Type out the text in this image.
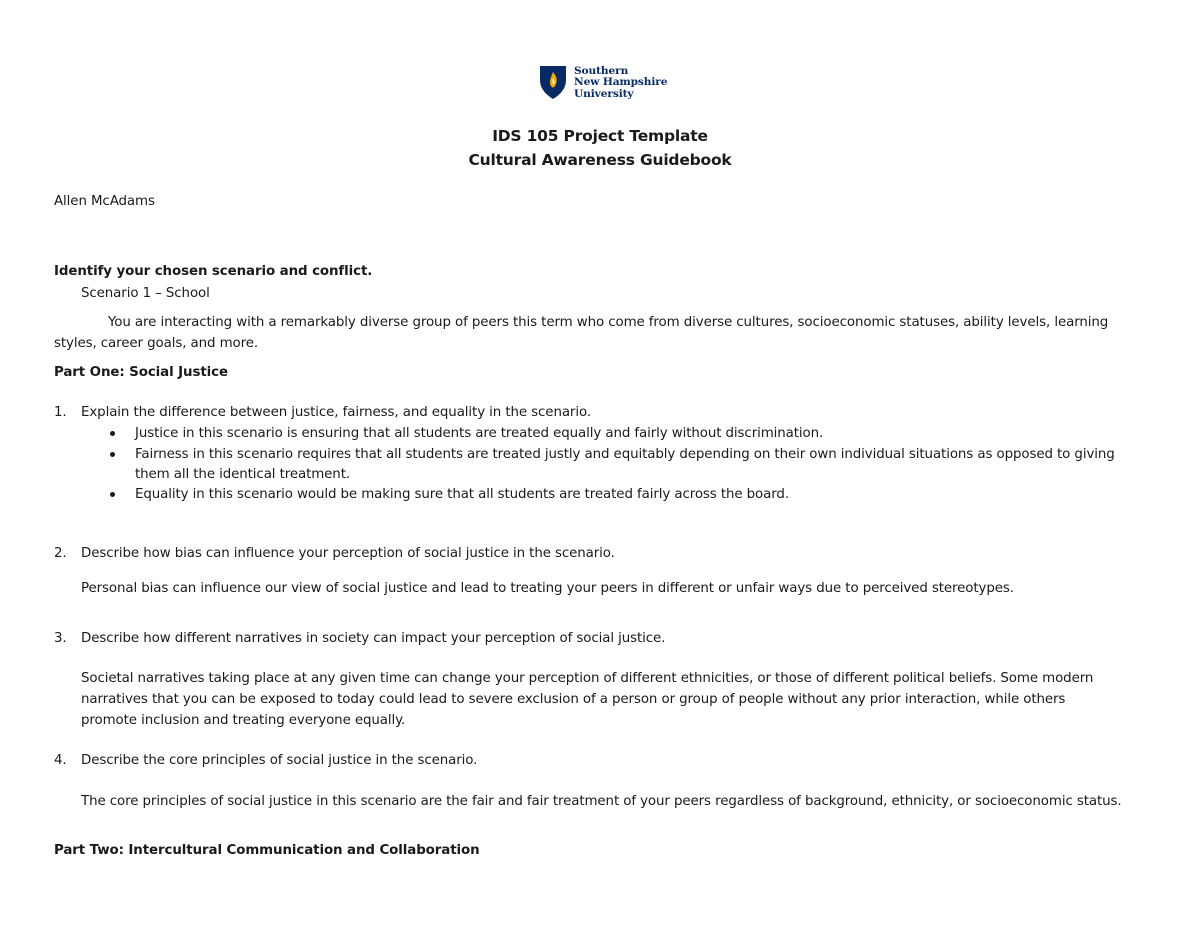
Southern
New Hampshire
University
IDS 105 Project Template
Cultural Awareness Guidebook
Allen McAdams
Identify your chosen scenario and conflict.
Scenario 1 – School
You are interacting with a remarkably diverse group of peers this term who come from diverse cultures, socioeconomic statuses, ability levels, learning
styles, career goals, and more.
Part One: Social Justice
1. Explain the difference between justice, fairness, and equality in the scenario.
Justice in this scenario is ensuring that all students are treated equally and fairly without discrimination.
Fairness in this scenario requires that all students are treated justly and equitably depending on their own individual situations as opposed to giving
them all the identical treatment.
Equality in this scenario would be making sure that all students are treated fairly across the board.
2. Describe how bias can influence your perception of social justice in the scenario.
Personal bias can influence our view of social justice and lead to treating your peers in different or unfair ways due to perceived stereotypes.
3. Describe how different narratives in society can impact your perception of social justice.
Societal narratives taking place at any given time can change your perception of different ethnicities, or those of different political beliefs. Some modern
narratives that you can be exposed to today could lead to severe exclusion of a person or group of people without any prior interaction, while others
promote inclusion and treating everyone equally.
4. Describe the core principles of social justice in the scenario.
The core principles of social justice in this scenario are the fair and fair treatment of your peers regardless of background, ethnicity, or socioeconomic status.
Part Two: Intercultural Communication and Collaboration
